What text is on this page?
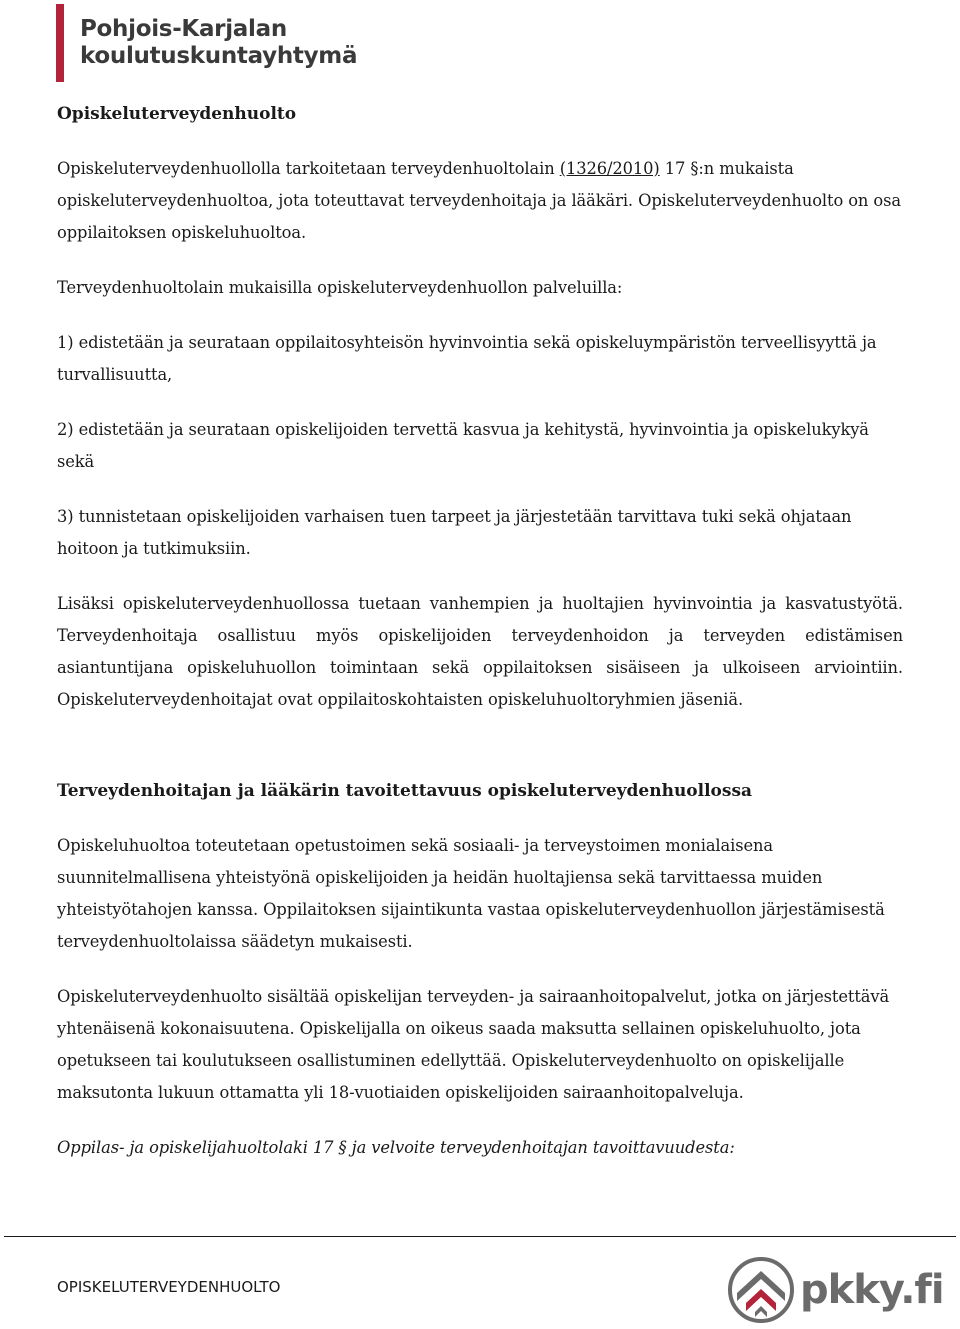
Pohjois-Karjalan
koulutuskuntayhtymä
Opiskeluterveydenhuolto

Opiskeluterveydenhuollolla tarkoitetaan terveydenhuoltolain (1326/2010) 17 §:n mukaista opiskeluterveydenhuoltoa, jota toteuttavat terveydenhoitaja ja lääkäri. Opiskeluterveydenhuolto on osa oppilaitoksen opiskeluhuoltoa.

Terveydenhuoltolain mukaisilla opiskeluterveydenhuollon palveluilla:

1) edistetään ja seurataan oppilaitosyhteisön hyvinvointia sekä opiskeluympäristön terveellisyyttä ja turvallisuutta,

2) edistetään ja seurataan opiskelijoiden tervettä kasvua ja kehitystä, hyvinvointia ja opiskelukykyä sekä

3) tunnistetaan opiskelijoiden varhaisen tuen tarpeet ja järjestetään tarvittava tuki sekä ohjataan hoitoon ja tutkimuksiin.

Lisäksi opiskeluterveydenhuollossa tuetaan vanhempien ja huoltajien hyvinvointia ja kasvatustyötä. Terveydenhoitaja osallistuu myös opiskelijoiden terveydenhoidon ja terveyden edistämisen asiantuntijana opiskeluhuollon toimintaan sekä oppilaitoksen sisäiseen ja ulkoiseen arviointiin. Opiskeluterveydenhoitajat ovat oppilaitoskohtaisten opiskeluhuoltoryhmien jäseniä.

Terveydenhoitajan ja lääkärin tavoitettavuus opiskeluterveydenhuollossa

Opiskeluhuoltoa toteutetaan opetustoimen sekä sosiaali- ja terveystoimen monialaisena suunnitelmallisena yhteistyönä opiskelijoiden ja heidän huoltajiensa sekä tarvittaessa muiden yhteistyötahojen kanssa. Oppilaitoksen sijaintikunta vastaa opiskeluterveydenhuollon järjestämisestä terveydenhuoltolaissa säädetyn mukaisesti.

Opiskeluterveydenhuolto sisältää opiskelijan terveyden- ja sairaanhoitopalvelut, jotka on järjestettävä yhtenäisenä kokonaisuutena. Opiskelijalla on oikeus saada maksutta sellainen opiskeluhuolto, jota opetukseen tai koulutukseen osallistuminen edellyttää. Opiskeluterveydenhuolto on opiskelijalle maksutonta lukuun ottamatta yli 18-vuotiaiden opiskelijoiden sairaanhoitopalveluja.

Oppilas- ja opiskelijahuoltolaki 17 § ja velvoite terveydenhoitajan tavoittavuudesta:

OPISKELUTERVEYDENHUOLTO	pkky.fi
